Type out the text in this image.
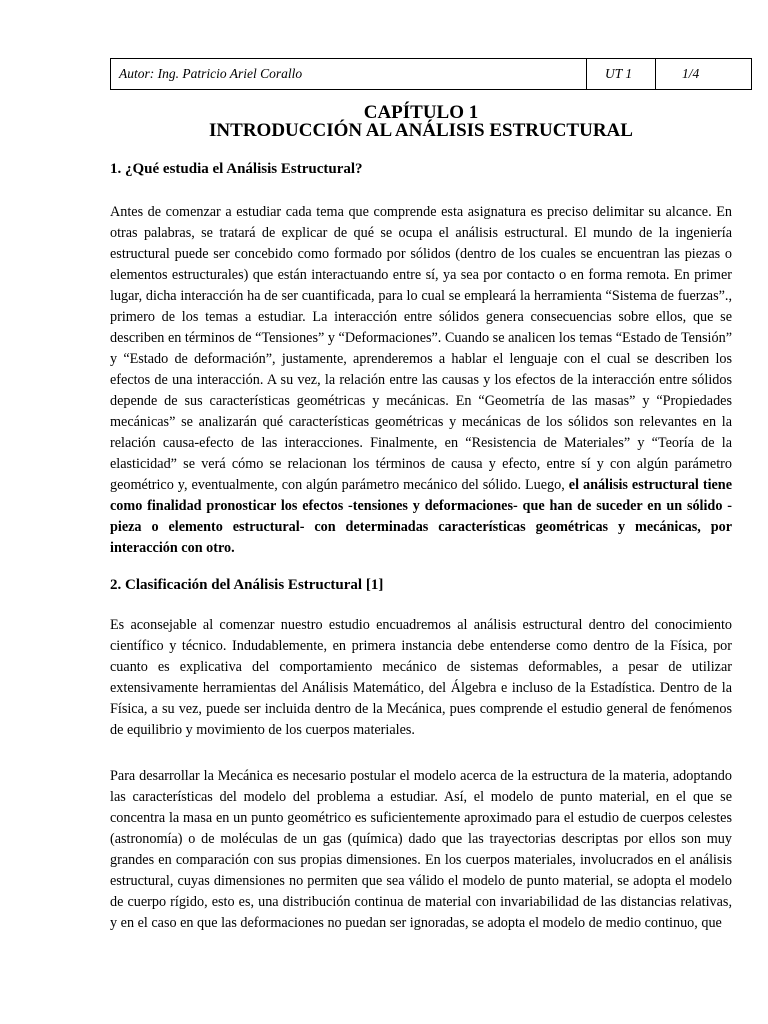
Autor: Ing. Patricio Ariel Corallo	UT 1	1/4
CAPÍTULO 1
INTRODUCCIÓN AL ANÁLISIS ESTRUCTURAL
1. ¿Qué estudia el Análisis Estructural?

Antes de comenzar a estudiar cada tema que comprende esta asignatura es preciso delimitar su alcance. En otras palabras, se tratará de explicar de qué se ocupa el análisis estructural. El mundo de la ingeniería estructural puede ser concebido como formado por sólidos (dentro de los cuales se encuentran las piezas o elementos estructurales) que están interactuando entre sí, ya sea por contacto o en forma remota. En primer lugar, dicha interacción ha de ser cuantificada, para lo cual se empleará la herramienta “Sistema de fuerzas”., primero de los temas a estudiar. La interacción entre sólidos genera consecuencias sobre ellos, que se describen en términos de “Tensiones” y “Deformaciones”. Cuando se analicen los temas “Estado de Tensión” y “Estado de deformación”, justamente, aprenderemos a hablar el lenguaje con el cual se describen los efectos de una interacción. A su vez, la relación entre las causas y los efectos de la interacción entre sólidos depende de sus características geométricas y mecánicas. En “Geometría de las masas” y “Propiedades mecánicas” se analizarán qué características geométricas y mecánicas de los sólidos son relevantes en la relación causa-efecto de las interacciones. Finalmente, en “Resistencia de Materiales” y “Teoría de la elasticidad” se verá cómo se relacionan los términos de causa y efecto, entre sí y con algún parámetro geométrico y, eventualmente, con algún parámetro mecánico del sólido. Luego, el análisis estructural tiene como finalidad pronosticar los efectos -tensiones y deformaciones- que han de suceder en un sólido -pieza o elemento estructural- con determinadas características geométricas y mecánicas, por interacción con otro.

2. Clasificación del Análisis Estructural [1]

Es aconsejable al comenzar nuestro estudio encuadremos al análisis estructural dentro del conocimiento científico y técnico. Indudablemente, en primera instancia debe entenderse como dentro de la Física, por cuanto es explicativa del comportamiento mecánico de sistemas deformables, a pesar de utilizar extensivamente herramientas del Análisis Matemático, del Álgebra e incluso de la Estadística. Dentro de la Física, a su vez, puede ser incluida dentro de la Mecánica, pues comprende el estudio general de fenómenos de equilibrio y movimiento de los cuerpos materiales.

Para desarrollar la Mecánica es necesario postular el modelo acerca de la estructura de la materia, adoptando las características del modelo del problema a estudiar. Así, el modelo de punto material, en el que se concentra la masa en un punto geométrico es suficientemente aproximado para el estudio de cuerpos celestes (astronomía) o de moléculas de un gas (química) dado que las trayectorias descriptas por ellos son muy grandes en comparación con sus propias dimensiones. En los cuerpos materiales, involucrados en el análisis estructural, cuyas dimensiones no permiten que sea válido el modelo de punto material, se adopta el modelo de cuerpo rígido, esto es, una distribución continua de material con invariabilidad de las distancias relativas, y en el caso en que las deformaciones no puedan ser ignoradas, se adopta el modelo de medio continuo, que
